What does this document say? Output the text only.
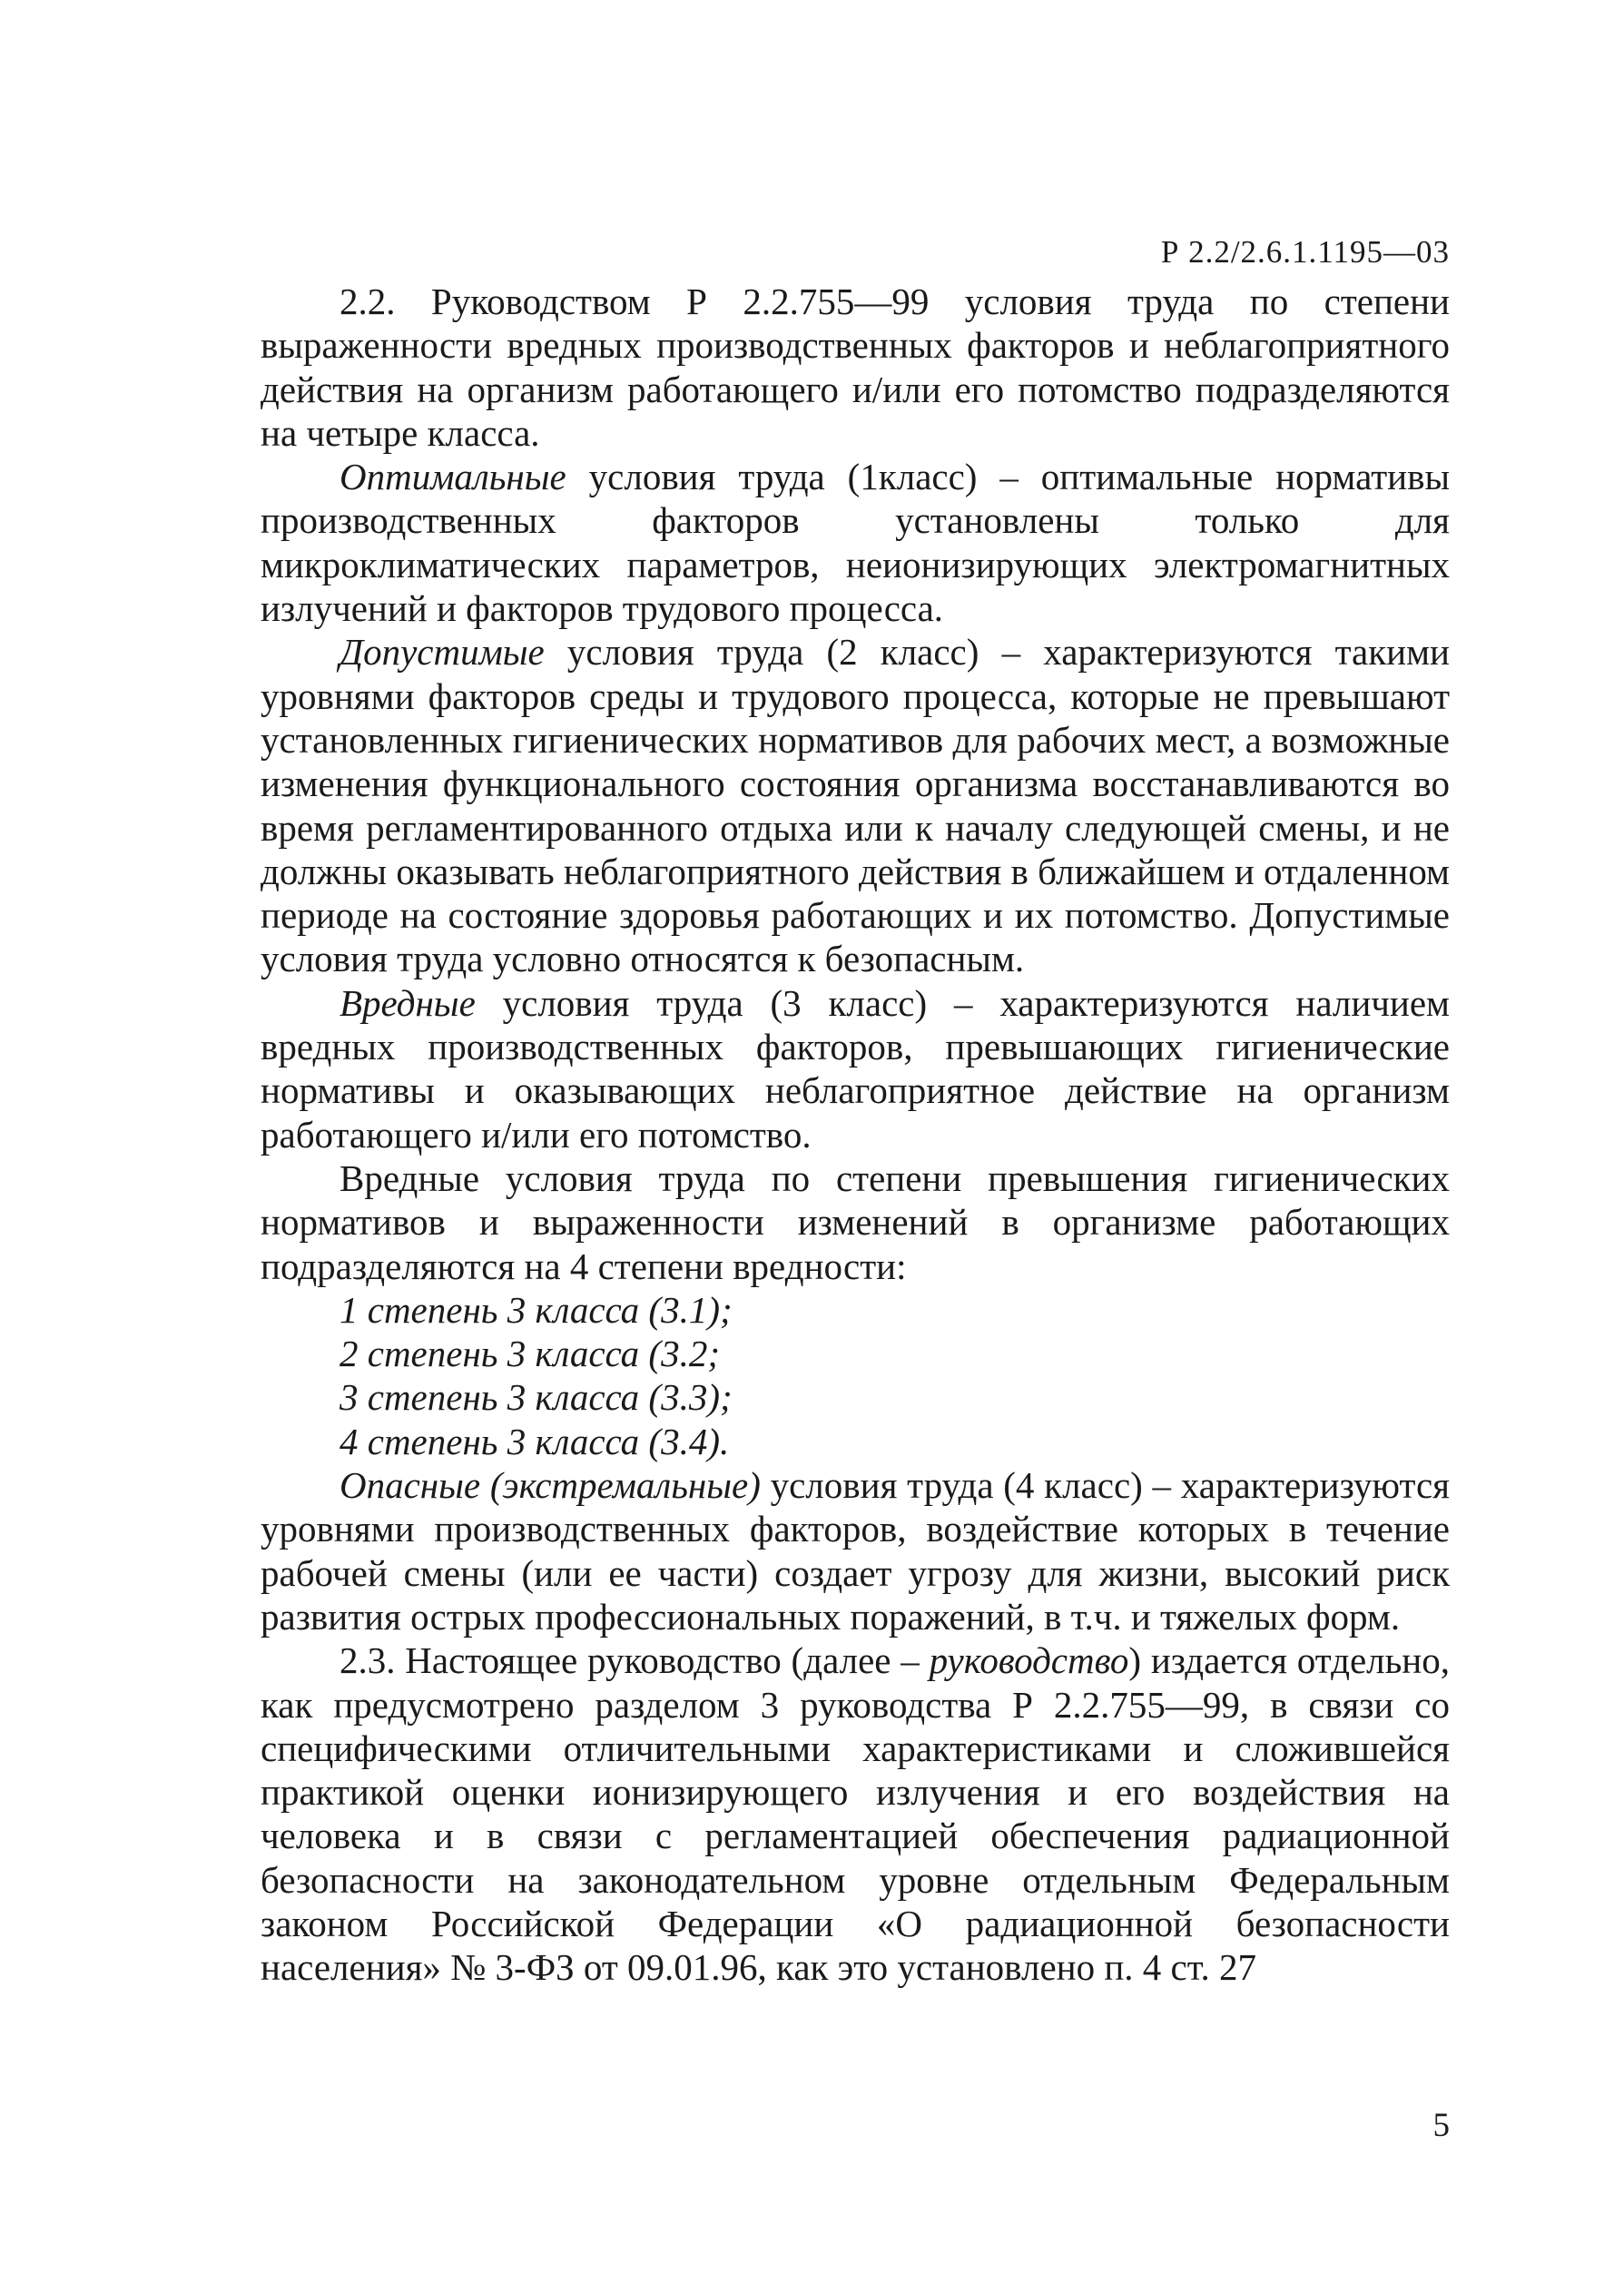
Р 2.2/2.6.1.1195—03

2.2. Руководством Р 2.2.755—99 условия труда по степени выраженности вредных производственных факторов и неблагоприятного действия на организм работающего и/или его потомство подразделяются на четыре класса.

Оптимальные условия труда (1класс) – оптимальные нормативы производственных факторов установлены только для микроклиматических параметров, неионизирующих электромагнитных излучений и факторов трудового процесса.

Допустимые условия труда (2 класс) – характеризуются такими уровнями факторов среды и трудового процесса, которые не превышают установленных гигиенических нормативов для рабочих мест, а возможные изменения функционального состояния организма восстанавливаются во время регламентированного отдыха или к началу следующей смены, и не должны оказывать неблагоприятного действия в ближайшем и отдаленном периоде на состояние здоровья работающих и их потомство. Допустимые условия труда условно относятся к безопасным.

Вредные условия труда (3 класс) – характеризуются наличием вредных производственных факторов, превышающих гигиенические нормативы и оказывающих неблагоприятное действие на организм работающего и/или его потомство.

Вредные условия труда по степени превышения гигиенических нормативов и выраженности изменений в организме работающих подразделяются на 4 степени вредности:

1 степень 3 класса (3.1);

2 степень 3 класса (3.2;

3 степень 3 класса (3.3);

4 степень 3 класса (3.4).

Опасные (экстремальные) условия труда (4 класс) – характеризуются уровнями производственных факторов, воздействие которых в течение рабочей смены (или ее части) создает угрозу для жизни, высокий риск развития острых профессиональных поражений, в т.ч. и тяжелых форм.

2.3. Настоящее руководство (далее – руководство) издается отдельно, как предусмотрено разделом 3 руководства Р 2.2.755—99, в связи со специфическими отличительными характеристиками и сложившейся практикой оценки ионизирующего излучения и его воздействия на человека и в связи с регламентацией обеспечения радиационной безопасности на законодательном уровне отдельным Федеральным законом Российской Федерации «О радиационной безопасности населения» № 3-ФЗ от 09.01.96, как это установлено п. 4 ст. 27

5
